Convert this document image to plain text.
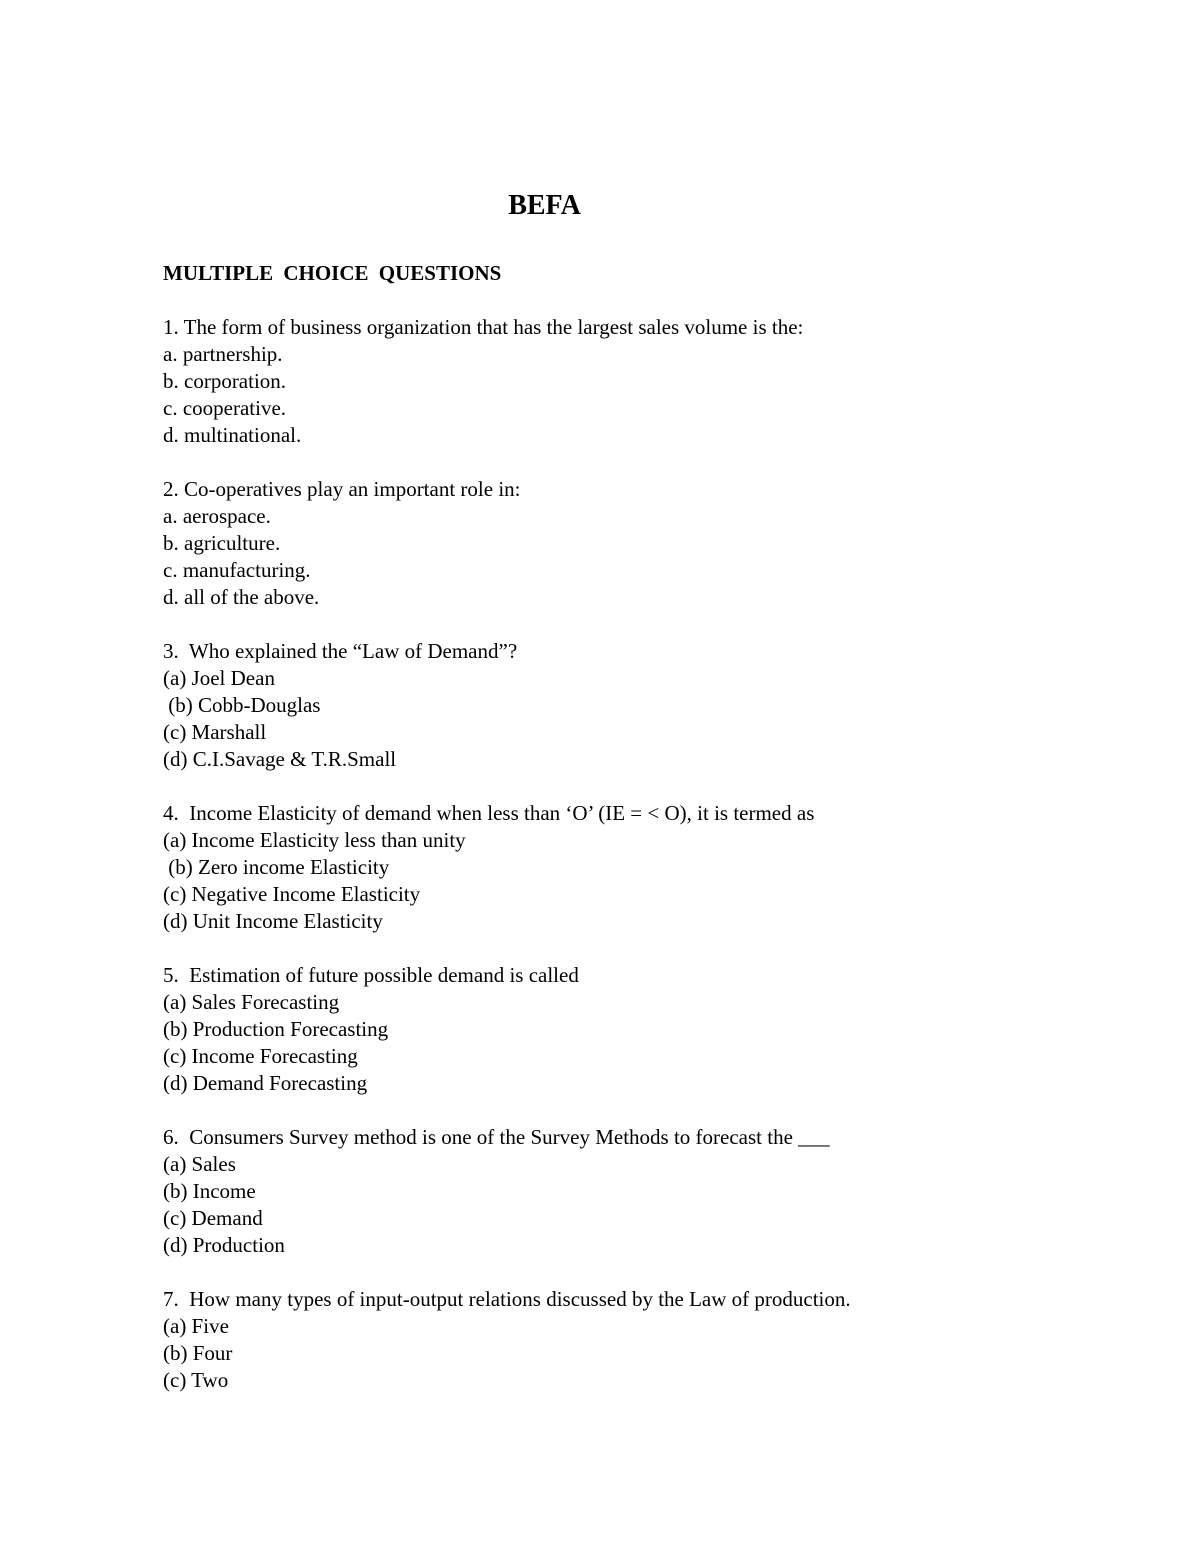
BEFA
MULTIPLE CHOICE QUESTIONS
1. The form of business organization that has the largest sales volume is the:
a. partnership.
b. corporation.
c. cooperative.
d. multinational.
2. Co-operatives play an important role in:
a. aerospace.
b. agriculture.
c. manufacturing.
d. all of the above.
3.  Who explained the “Law of Demand”?
(a) Joel Dean
(b) Cobb-Douglas
(c) Marshall
(d) C.I.Savage & T.R.Small
4.  Income Elasticity of demand when less than ‘O’ (IE = < O), it is termed as
(a) Income Elasticity less than unity
(b) Zero income Elasticity
(c) Negative Income Elasticity
(d) Unit Income Elasticity
5.  Estimation of future possible demand is called
(a) Sales Forecasting
(b) Production Forecasting
(c) Income Forecasting
(d) Demand Forecasting
6.  Consumers Survey method is one of the Survey Methods to forecast the ___
(a) Sales
(b) Income
(c) Demand
(d) Production
7.  How many types of input-output relations discussed by the Law of production.
(a) Five
(b) Four
(c) Two
